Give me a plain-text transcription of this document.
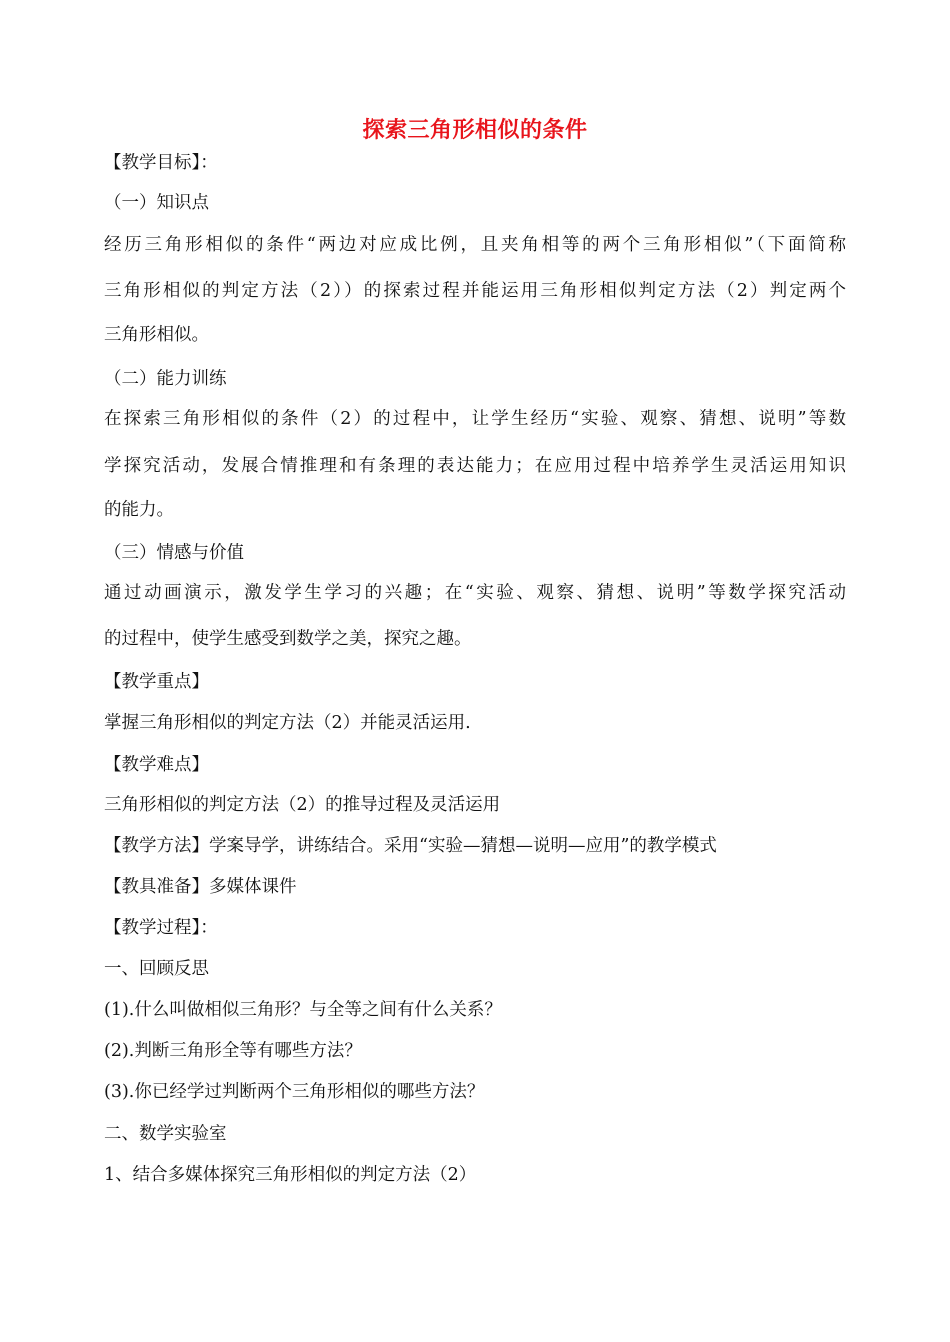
探索三角形相似的条件
【教学目标】：
（一）知识点
经历三角形相似的条件“两边对应成比例，且夹角相等的两个三角形相似”（下面简称
三角形相似的判定方法（2））的探索过程并能运用三角形相似判定方法（2）判定两个
三角形相似。
（二）能力训练
在探索三角形相似的条件（2）的过程中，让学生经历“实验、观察、猜想、说明”等数
学探究活动，发展合情推理和有条理的表达能力；在应用过程中培养学生灵活运用知识
的能力。
（三）情感与价值
通过动画演示，激发学生学习的兴趣；在“实验、观察、猜想、说明”等数学探究活动
的过程中，使学生感受到数学之美，探究之趣。
【教学重点】
掌握三角形相似的判定方法（2）并能灵活运用.
【教学难点】
三角形相似的判定方法（2）的推导过程及灵活运用
【教学方法】学案导学，讲练结合。采用“实验—猜想—说明—应用”的教学模式
【教具准备】多媒体课件
【教学过程】：
一、回顾反思
(1).什么叫做相似三角形？与全等之间有什么关系？
(2).判断三角形全等有哪些方法？
(3).你已经学过判断两个三角形相似的哪些方法？
二、数学实验室
1、结合多媒体探究三角形相似的判定方法（2）
